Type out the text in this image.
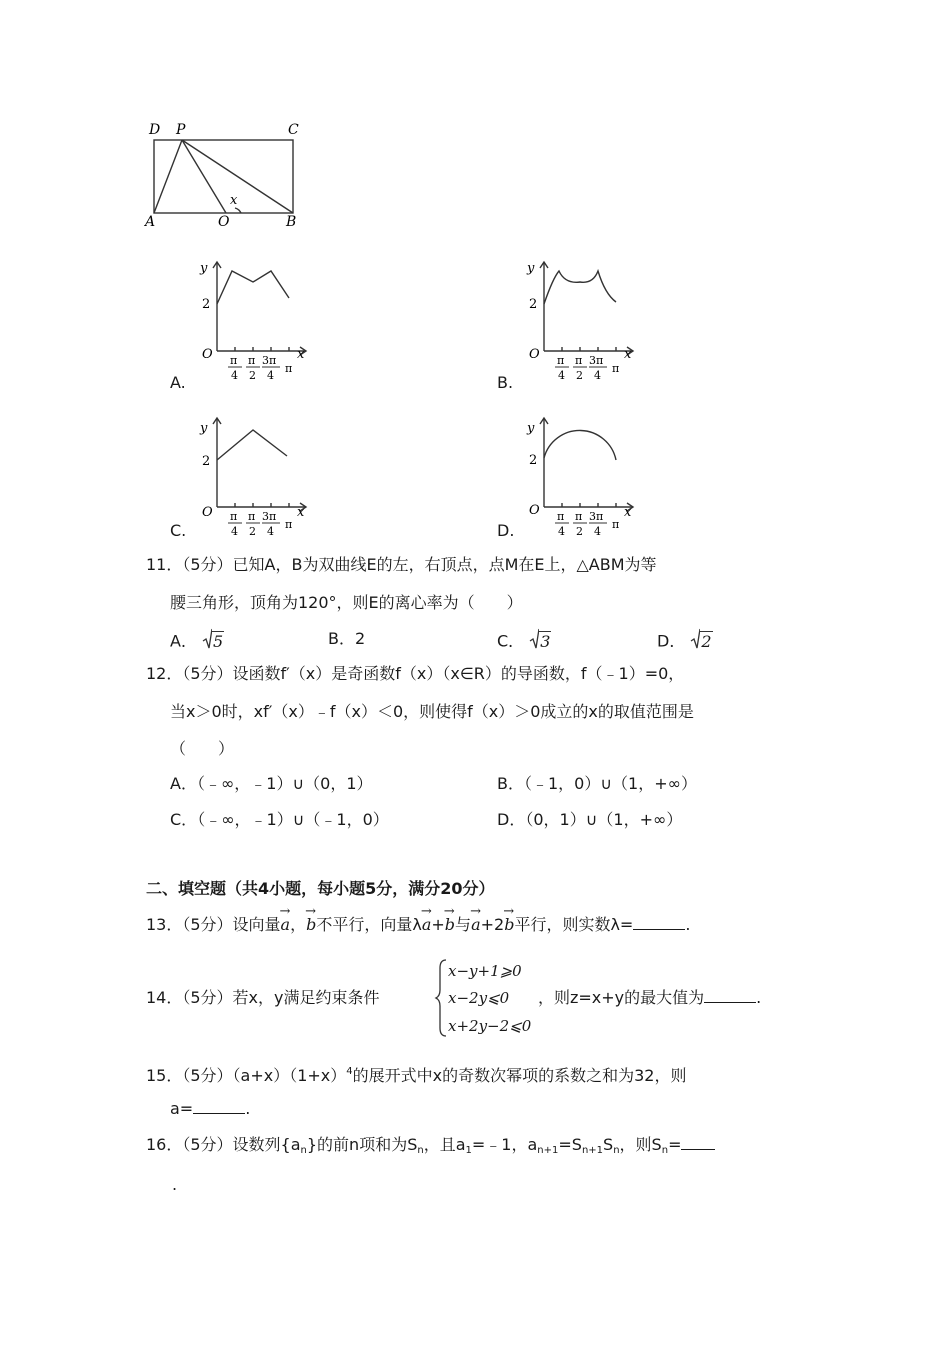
D P	C
A	O	B
x
A.
y
2
O	x
π
4
π
2
3π
4
π
B.
y
2
O	x
π
4
π
2
3π
4
π
C.
y
2
O	x
π
4
π
2
3π
4
π	D.
y
2
O	x
π
4
π
2
3π
4
π
11．（5分）已知A，B为双曲线E的左，右顶点，点M在E上，△ABM为等
腰三角形，顶角为120°，则E的离心率为（　　）
A． 5	B．2	C． 3	D． 2
12．（5分）设函数f′（x）是奇函数f（x）（x∈R）的导函数，f（﹣1）=0，
当x＞0时，xf′（x）﹣f（x）＜0，则使得f（x）＞0成立的x的取值范围是
（　　）
A．（﹣∞，﹣1）∪（0，1）	B．（﹣1，0）∪（1，+∞）
C．（﹣∞，﹣1）∪（﹣1，0）	D．（0，1）∪（1，+∞）
二、填空题（共4小题，每小题5分，满分20分）
13．（5分）设向量→ a，→ b不平行，向量λ→ a+→ b与→ a+2→ b平行，则实数λ=	.
14．（5分）若x，y满足约束条件
x−y+1⩾0
x−2y⩽0
x+2y−2⩽0
，则z=x+y的最大值为	.
15．（5分）$(a+x)(1+x)^4$的展开式中x的奇数次幂项的系数之和为32，则
a=	.
16．（5分）设数列$\{a_n\}$的前n项和为$S_n$，且$a_1=﹣1$，$a_{n+1}=S_{n+1}S_n$，则$S_n=$
.
